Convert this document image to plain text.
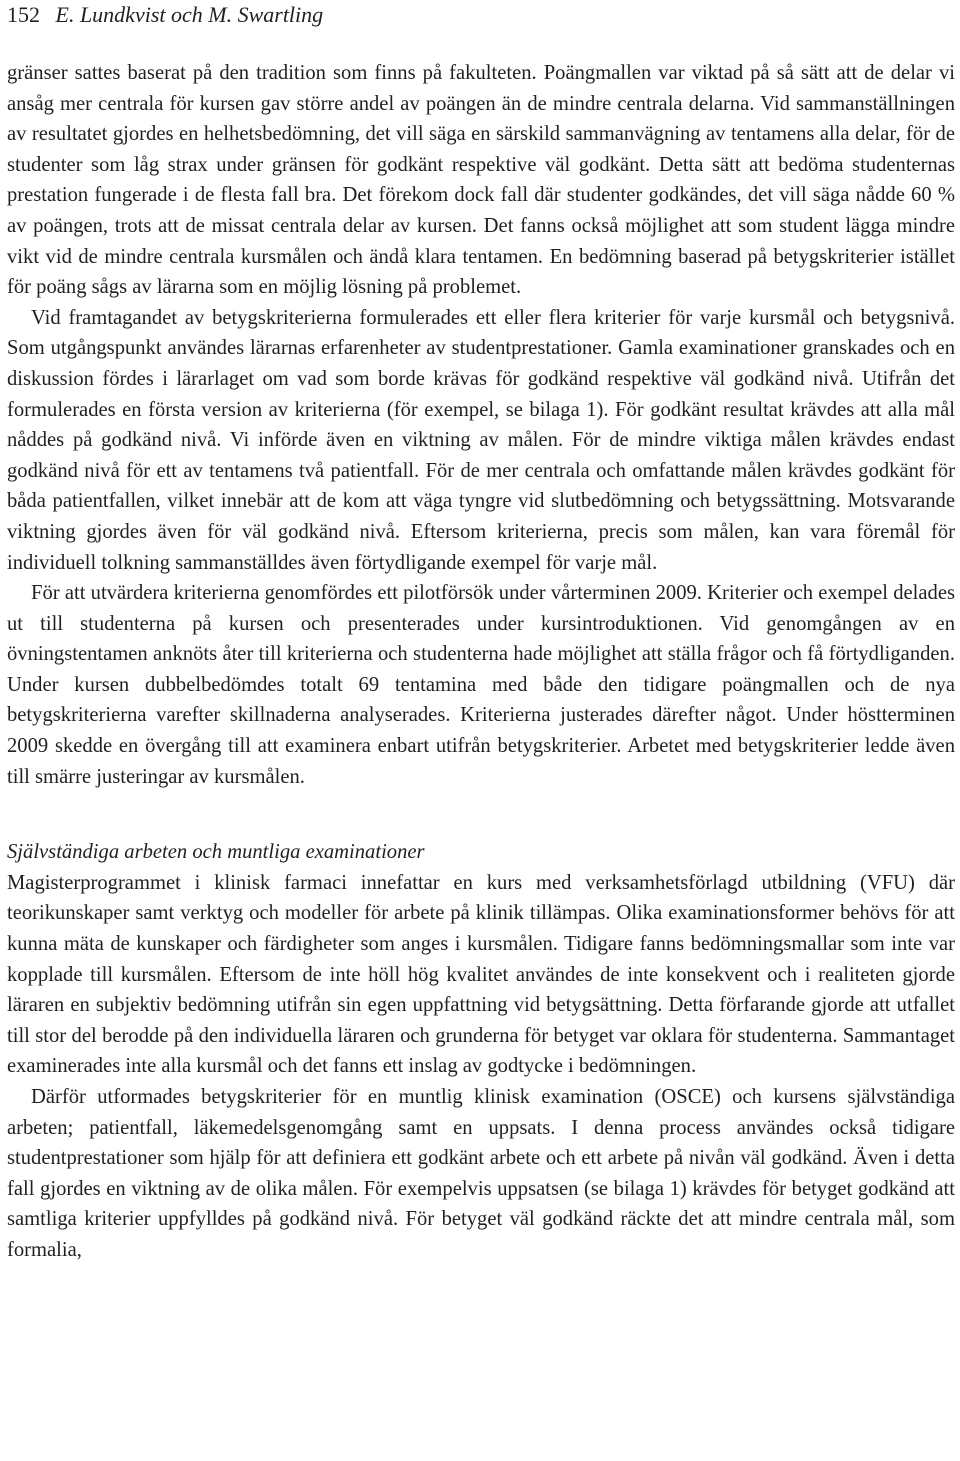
152 E. Lundkvist och M. Swartling

gränser sattes baserat på den tradition som finns på fakulteten. Poängmallen var viktad på så sätt att de delar vi ansåg mer centrala för kursen gav större andel av poängen än de mindre centrala delarna. Vid sammanställningen av resultatet gjordes en helhetsbedömning, det vill säga en särskild sammanvägning av tentamens alla delar, för de studenter som låg strax under gränsen för godkänt respektive väl godkänt. Detta sätt att bedöma studenternas prestation fungerade i de flesta fall bra. Det förekom dock fall där studenter godkändes, det vill säga nådde 60 % av poängen, trots att de missat centrala delar av kursen. Det fanns också möjlighet att som student lägga mindre vikt vid de mindre centrala kursmålen och ändå klara tentamen. En bedömning baserad på betygskriterier istället för poäng sågs av lärarna som en möjlig lösning på problemet.

Vid framtagandet av betygskriterierna formulerades ett eller flera kriterier för varje kursmål och betygsnivå. Som utgångspunkt användes lärarnas erfarenheter av studentprestationer. Gamla examinationer granskades och en diskussion fördes i lärarlaget om vad som borde krävas för godkänd respektive väl godkänd nivå. Utifrån det formulerades en första version av kriterierna (för exempel, se bilaga 1). För godkänt resultat krävdes att alla mål nåddes på godkänd nivå. Vi införde även en viktning av målen. För de mindre viktiga målen krävdes endast godkänd nivå för ett av tentamens två patientfall. För de mer centrala och omfattande målen krävdes godkänt för båda patientfallen, vilket innebär att de kom att väga tyngre vid slutbedömning och betygssättning. Motsvarande viktning gjordes även för väl godkänd nivå. Eftersom kriterierna, precis som målen, kan vara föremål för individuell tolkning sammanställdes även förtydligande exempel för varje mål.

För att utvärdera kriterierna genomfördes ett pilotförsök under vårterminen 2009. Kriterier och exempel delades ut till studenterna på kursen och presenterades under kursintroduktionen. Vid genomgången av en övningstentamen anknöts åter till kriterierna och studenterna hade möjlighet att ställa frågor och få förtydliganden. Under kursen dubbelbedömdes totalt 69 tentamina med både den tidigare poängmallen och de nya betygskriterierna varefter skillnaderna analyserades. Kriterierna justerades därefter något. Under höstterminen 2009 skedde en övergång till att examinera enbart utifrån betygskriterier. Arbetet med betygskriterier ledde även till smärre justeringar av kursmålen.

Självständiga arbeten och muntliga examinationer

Magisterprogrammet i klinisk farmaci innefattar en kurs med verksamhetsförlagd utbildning (VFU) där teorikunskaper samt verktyg och modeller för arbete på klinik tillämpas. Olika examinationsformer behövs för att kunna mäta de kunskaper och färdigheter som anges i kursmålen. Tidigare fanns bedömningsmallar som inte var kopplade till kursmålen. Eftersom de inte höll hög kvalitet användes de inte konsekvent och i realiteten gjorde läraren en subjektiv bedömning utifrån sin egen uppfattning vid betygsättning. Detta förfarande gjorde att utfallet till stor del berodde på den individuella läraren och grunderna för betyget var oklara för studenterna. Sammantaget examinerades inte alla kursmål och det fanns ett inslag av godtycke i bedömningen.

Därför utformades betygskriterier för en muntlig klinisk examination (OSCE) och kursens självständiga arbeten; patientfall, läkemedelsgenomgång samt en uppsats. I denna process användes också tidigare studentprestationer som hjälp för att definiera ett godkänt arbete och ett arbete på nivån väl godkänd. Även i detta fall gjordes en viktning av de olika målen. För exempelvis uppsatsen (se bilaga 1) krävdes för betyget godkänd att samtliga kriterier uppfylldes på godkänd nivå. För betyget väl godkänd räckte det att mindre centrala mål, som formalia,
